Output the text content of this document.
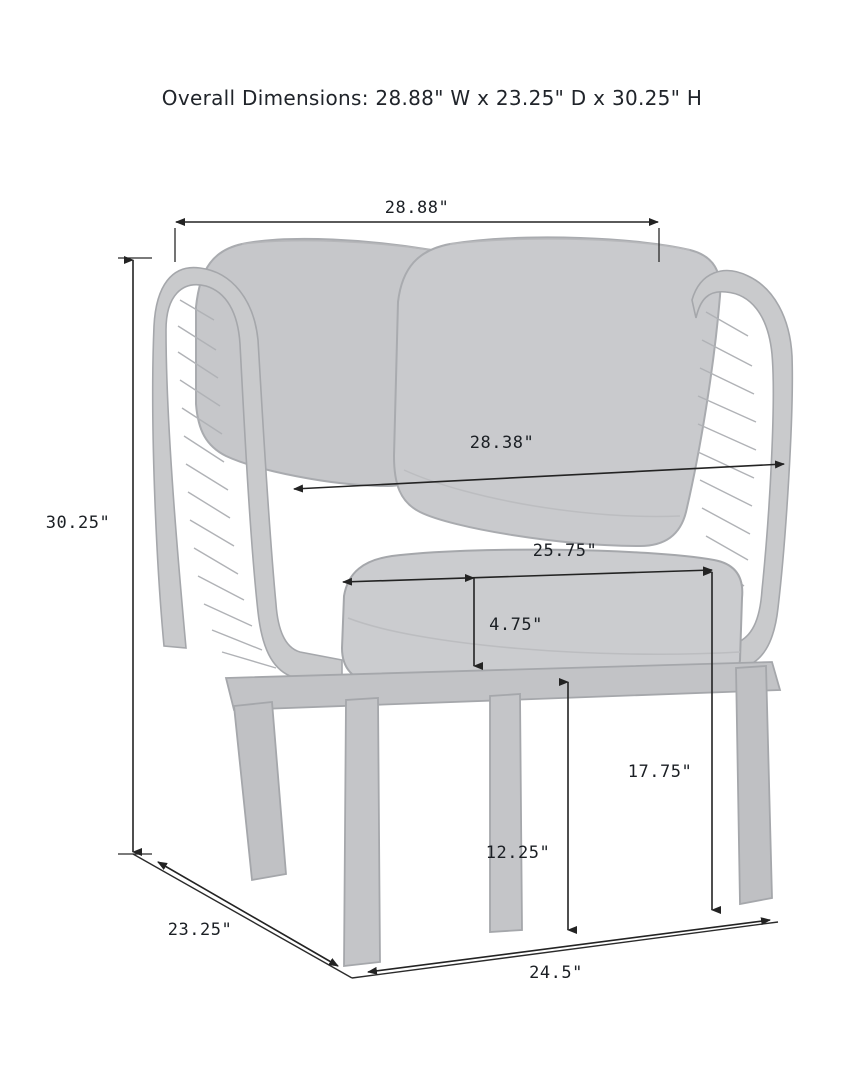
Overall Dimensions: 28.88" W x 23.25" D x 30.25" H
28.88"
30.25"
23.25"
24.5"
28.38"
25.75"
4.75"
17.75"
12.25"
